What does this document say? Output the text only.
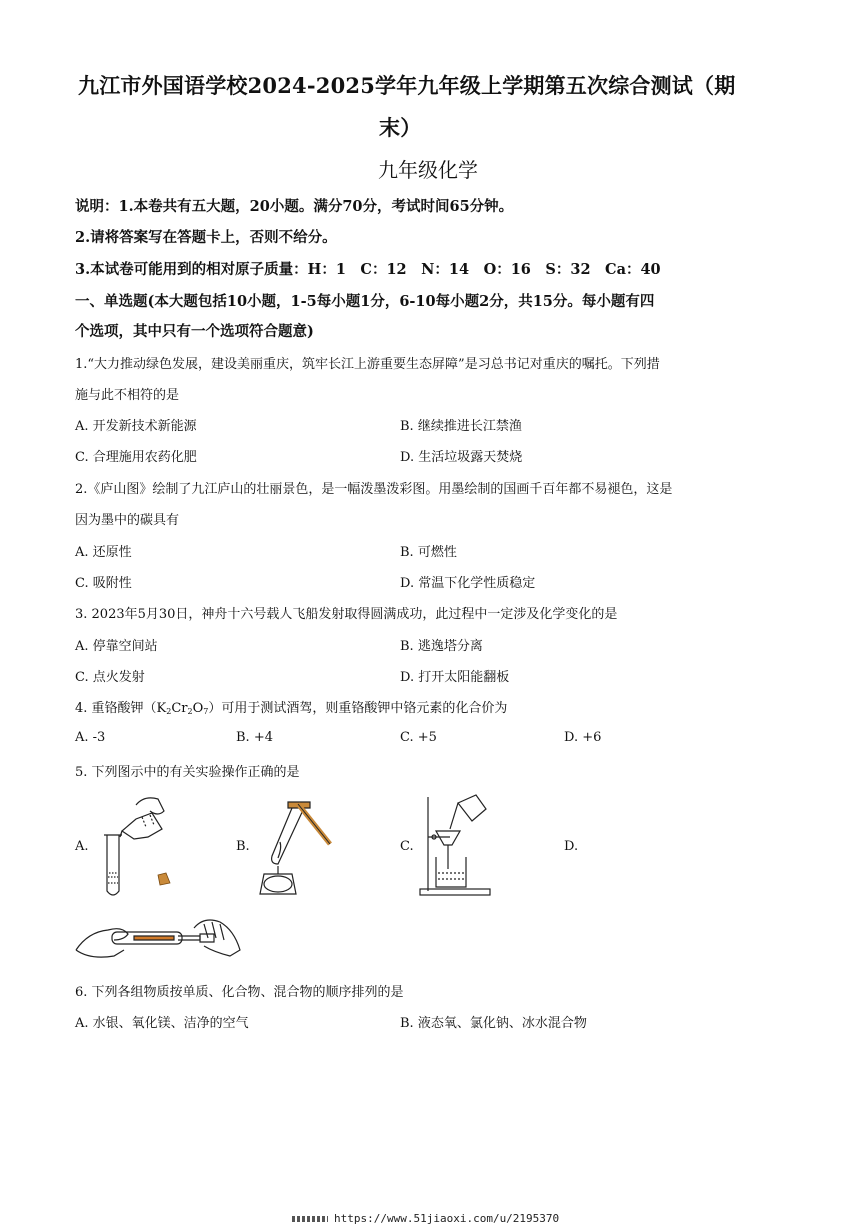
九江市外国语学校2024-2025学年九年级上学期第五次综合测试（期
末）
九年级化学
说明：1.本卷共有五大题，20小题。满分70分，考试时间65分钟。
2.请将答案写在答题卡上，否则不给分。
3.本试卷可能用到的相对原子质量：H：1　C：12　N：14　O：16　S：32　Ca：40
一、单选题(本大题包括10小题，1-5每小题1分，6-10每小题2分，共15分。每小题有四
个选项，其中只有一个选项符合题意)
1.“大力推动绿色发展，建设美丽重庆，筑牢长江上游重要生态屏障”是习总书记对重庆的嘱托。下列措
施与此不相符的是
A. 开发新技术新能源	B. 继续推进长江禁渔
C. 合理施用农药化肥	D. 生活垃圾露天焚烧
2.《庐山图》绘制了九江庐山的壮丽景色，是一幅泼墨泼彩图。用墨绘制的国画千百年都不易褪色，这是
因为墨中的碳具有
A. 还原性	B. 可燃性
C. 吸附性	D. 常温下化学性质稳定
3. 2023年5月30日，神舟十六号载人飞船发射取得圆满成功，此过程中一定涉及化学变化的是
A. 停靠空间站	B. 逃逸塔分离
C. 点火发射	D. 打开太阳能翻板
4. 重铬酸钾$(K_2Cr_2O_7)$可用于测试酒驾，则重铬酸钾中铬元素的化合价为
A. -3	B. +4	C. +5	D. +6
5. 下列图示中的有关实验操作正确的是
A.	B.	C.	D.
6. 下列各组物质按单质、化合物、混合物的顺序排列的是
A. 水银、氧化镁、洁净的空气	B. 液态氧、氯化钠、冰水混合物
https://www.51jiaoxi.com/u/2195370
